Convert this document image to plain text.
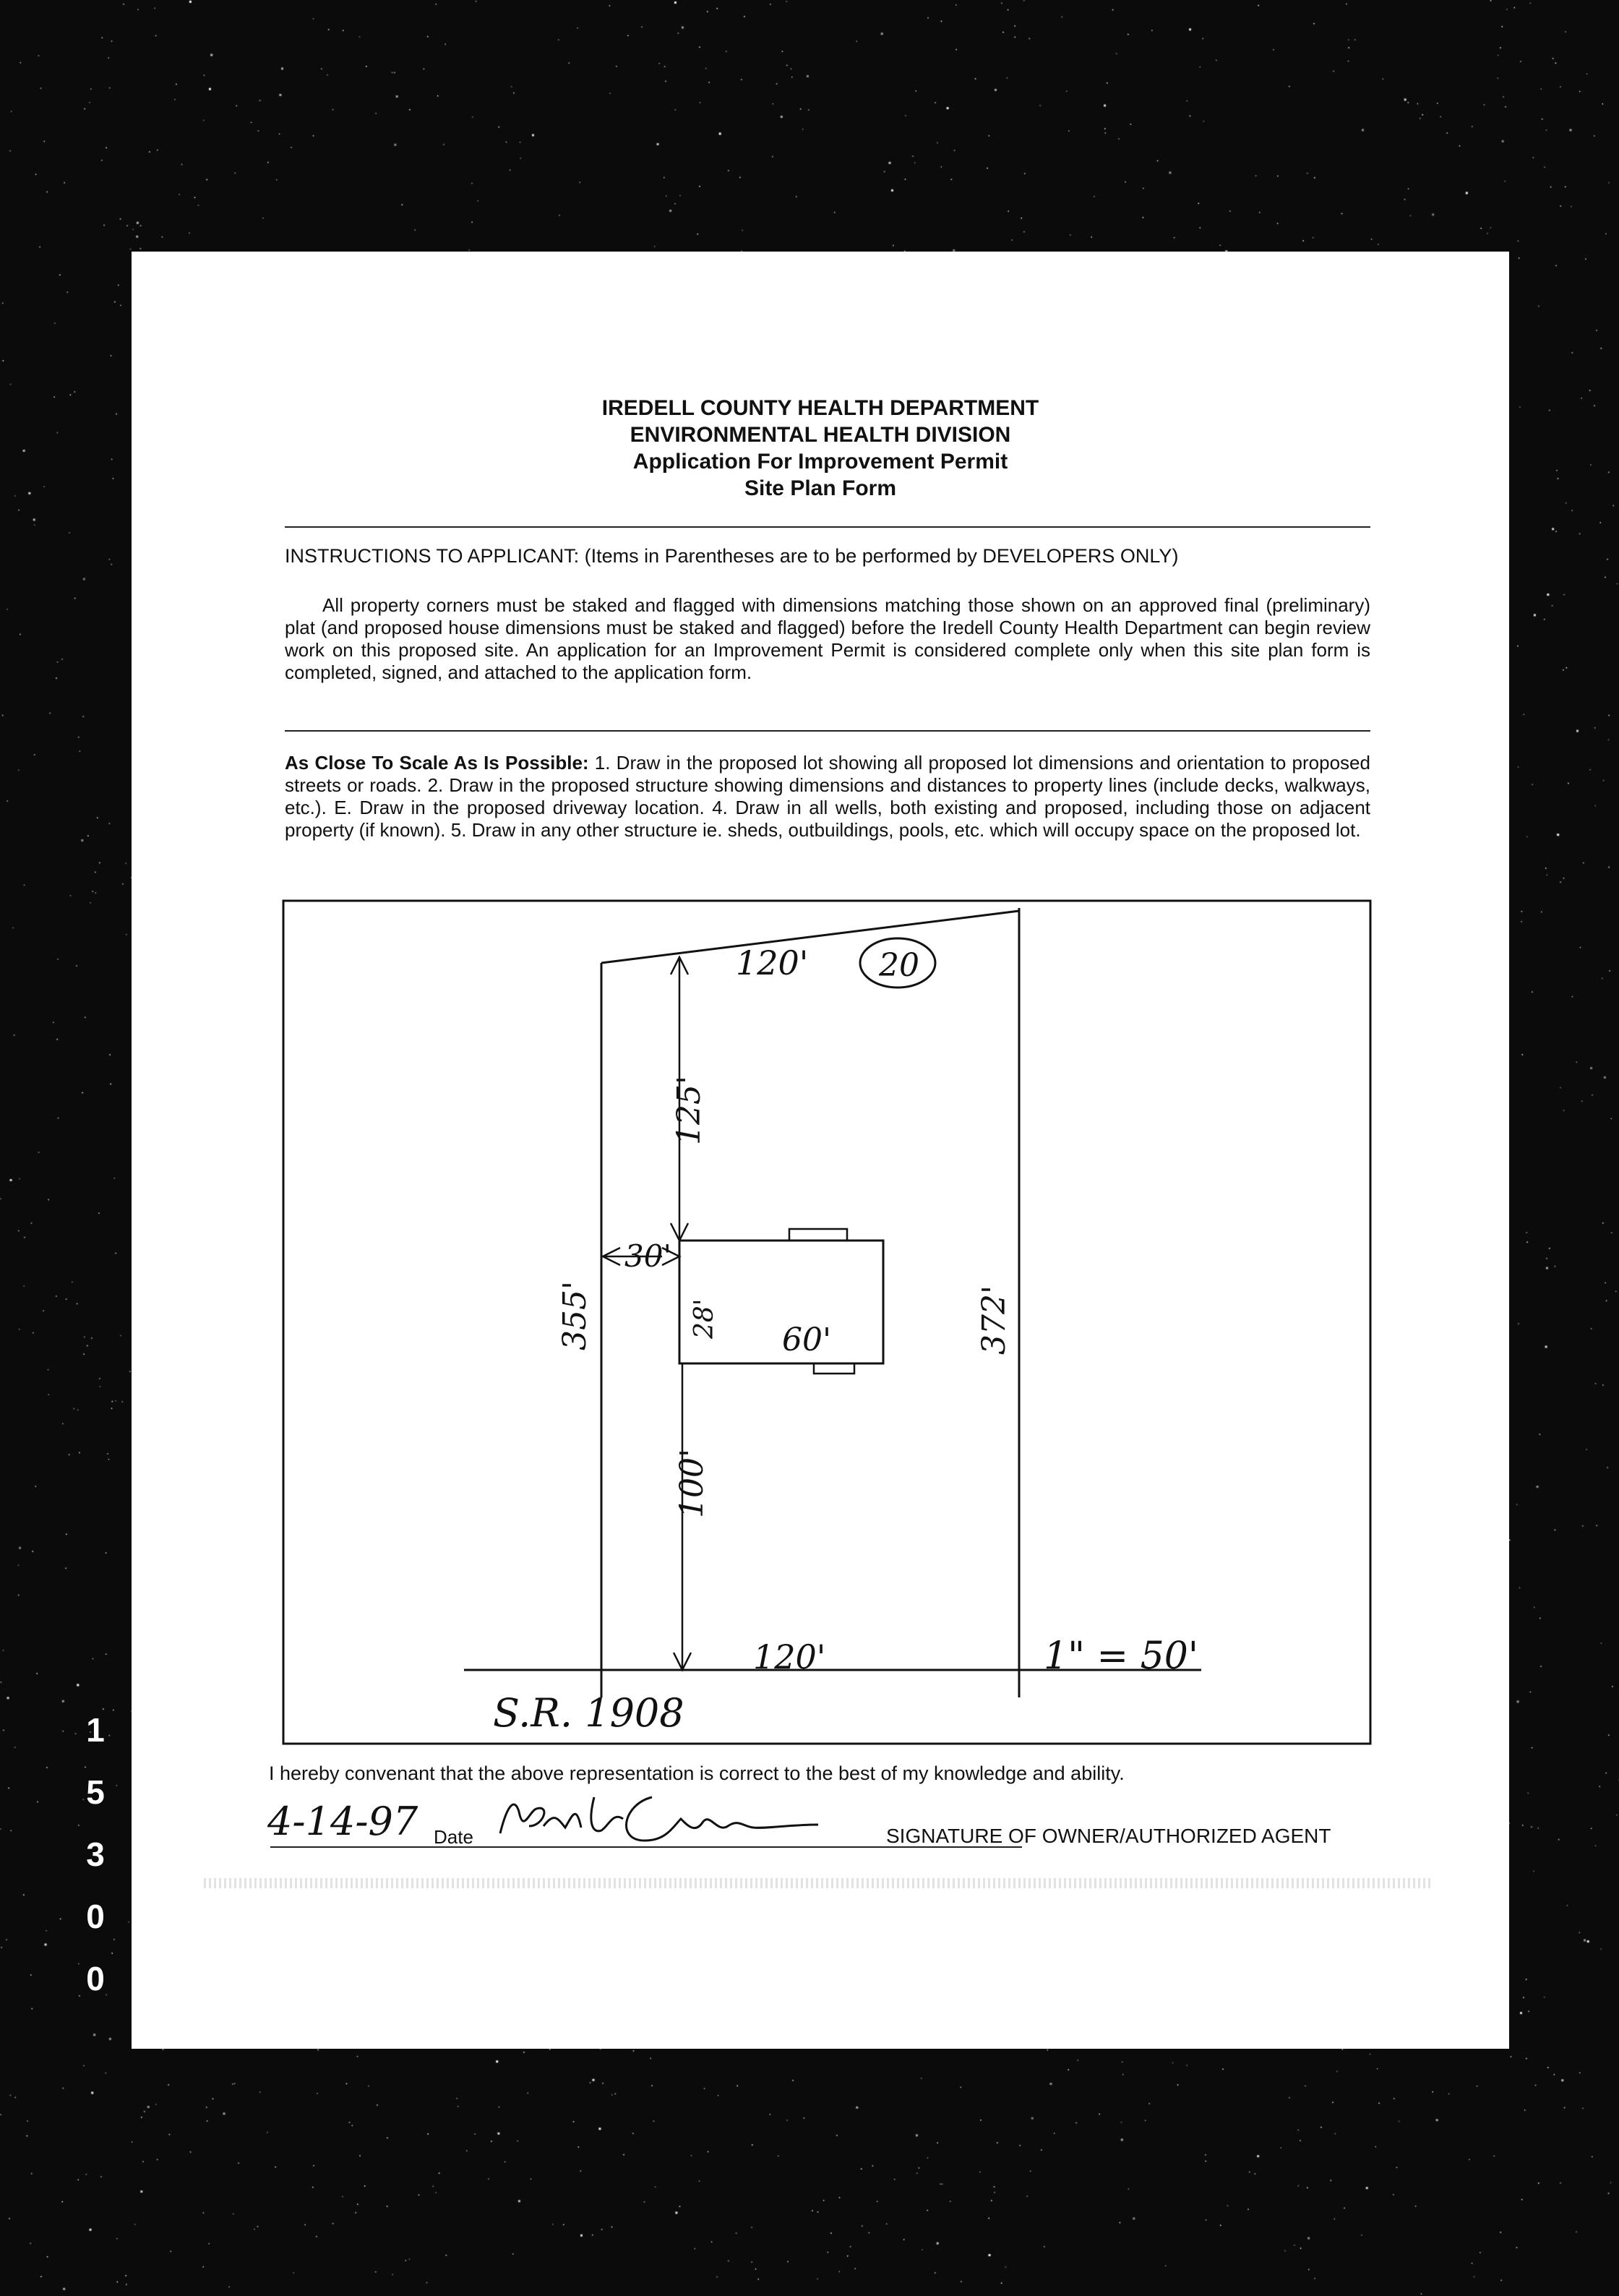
IREDELL COUNTY HEALTH DEPARTMENT
ENVIRONMENTAL HEALTH DIVISION
Application For Improvement Permit
Site Plan Form
INSTRUCTIONS TO APPLICANT: (Items in Parentheses are to be performed by DEVELOPERS ONLY)
All property corners must be staked and flagged with dimensions matching those shown on an approved final (preliminary) plat (and proposed house dimensions must be staked and flagged) before the Iredell County Health Department can begin review work on this proposed site. An application for an Improvement Permit is considered complete only when this site plan form is completed, signed, and attached to the application form.
As Close To Scale As Is Possible: 1. Draw in the proposed lot showing all proposed lot dimensions and orientation to proposed streets or roads. 2. Draw in the proposed structure showing dimensions and distances to property lines (include decks, walkways, etc.). E. Draw in the proposed driveway location. 4. Draw in all wells, both existing and proposed, including those on adjacent property (if known). 5. Draw in any other structure ie. sheds, outbuildings, pools, etc. which will occupy space on the proposed lot.
20
120'
120'
355'	372'
125'
100'
28'
30'
60'
S.R. 1908
1" = 50'
I hereby convenant that the above representation is correct to the best of my knowledge and ability.
4-14-97 Date	SIGNATURE OF OWNER/AUTHORIZED AGENT
1
5
3
0
0
